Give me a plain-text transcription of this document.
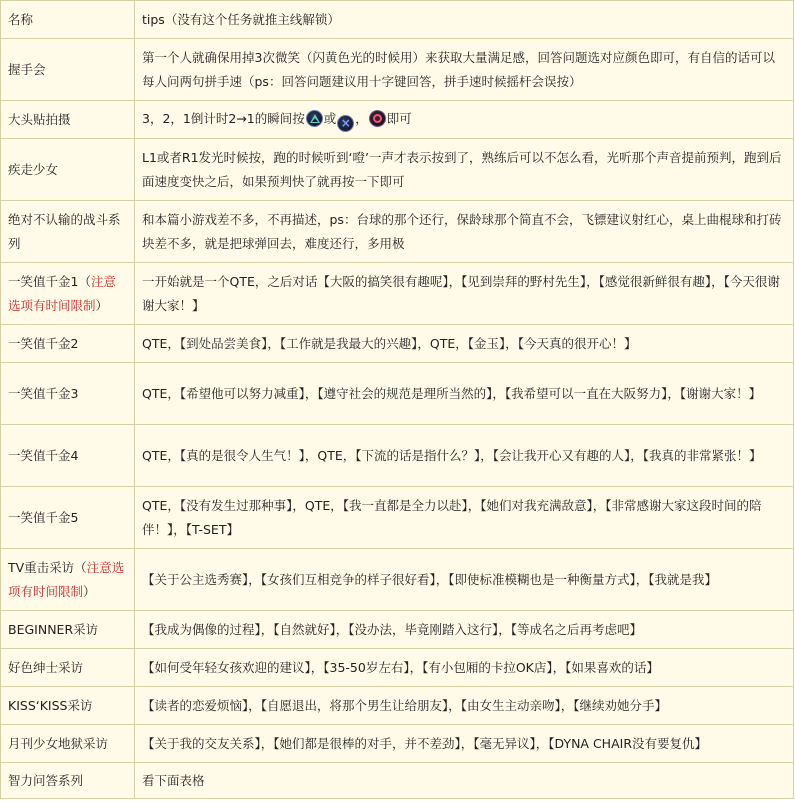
名称	tips（没有这个任务就推主线解锁）
握手会	第一个人就确保用掉3次微笑（闪黄色光的时候用）来获取大量满足感，回答问题选对应颜色即可，有自信的话可以每人问两句拼手速（ps：回答问题建议用十字键回答，拼手速时候摇杆会误按）
大头贴拍摄	3，2，1倒计时2→1的瞬间按 或 × ， 即可
疾走少女	L1或者R1发光时候按，跑的时候听到‘噔’一声才表示按到了，熟练后可以不怎么看，光听那个声音提前预判，跑到后面速度变快之后，如果预判快了就再按一下即可
绝对不认输的战斗系列	和本篇小游戏差不多，不再描述，ps：台球的那个还行，保龄球那个简直不会，飞镖建议射红心，桌上曲棍球和打砖块差不多，就是把球弹回去，难度还行，多用极
一笑值千金1（注意选项有时间限制）	一开始就是一个QTE，之后对话【大阪的搞笑很有趣呢】，【见到崇拜的野村先生】，【感觉很新鲜很有趣】，【今天很谢谢大家！】
一笑值千金2	QTE，【到处品尝美食】，【工作就是我最大的兴趣】，QTE，【金玉】，【今天真的很开心！】
一笑值千金3	QTE，【希望他可以努力减重】，【遵守社会的规范是理所当然的】，【我希望可以一直在大阪努力】，【谢谢大家！】
一笑值千金4	QTE，【真的是很令人生气！】，QTE，【下流的话是指什么？】，【会让我开心又有趣的人】，【我真的非常紧张！】
一笑值千金5	QTE，【没有发生过那种事】，QTE，【我一直都是全力以赴】，【她们对我充满敌意】，【非常感谢大家这段时间的陪伴！】，【T-SET】
TV重击采访（注意选项有时间限制）	【关于公主选秀赛】，【女孩们互相竞争的样子很好看】，【即使标准模糊也是一种衡量方式】，【我就是我】
BEGINNER采访	【我成为偶像的过程】，【自然就好】，【没办法，毕竟刚踏入这行】，【等成名之后再考虑吧】
好色绅士采访	【如何受年轻女孩欢迎的建议】，【35-50岁左右】，【有小包厢的卡拉OK店】，【如果喜欢的话】
KISS‘KISS采访	【读者的恋爱烦恼】，【自愿退出，将那个男生让给朋友】，【由女生主动亲吻】，【继续劝她分手】
月刊少女地狱采访	【关于我的交友关系】，【她们都是很棒的对手，并不差劲】，【毫无异议】，【DYNA CHAIR没有要复仇】
智力问答系列	看下面表格
